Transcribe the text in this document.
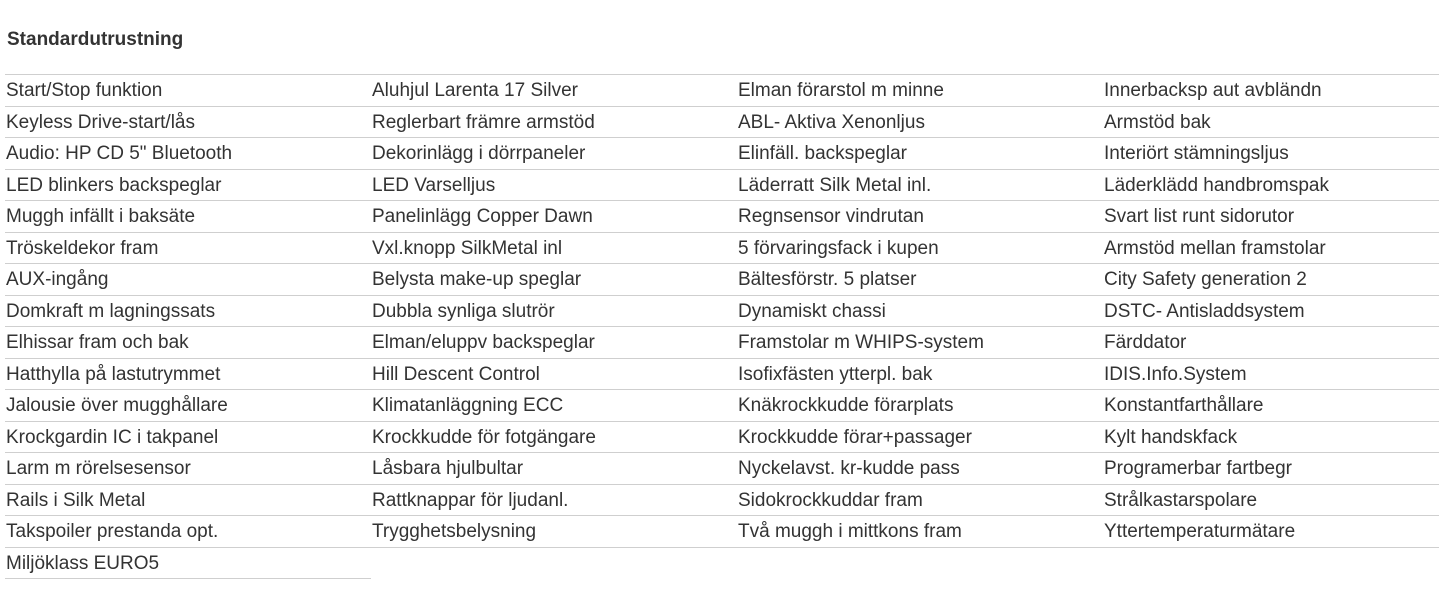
Standardutrustning
Start/Stop funktion	Aluhjul Larenta 17 Silver	Elman förarstol m minne	Innerbacksp aut avbländn
Keyless Drive-start/lås	Reglerbart främre armstöd	ABL- Aktiva Xenonljus	Armstöd bak
Audio: HP CD 5" Bluetooth	Dekorinlägg i dörrpaneler	Elinfäll. backspeglar	Interiört stämningsljus
LED blinkers backspeglar	LED Varselljus	Läderratt Silk Metal inl.	Läderklädd handbromspak
Muggh infällt i baksäte	Panelinlägg Copper Dawn	Regnsensor vindrutan	Svart list runt sidorutor
Tröskeldekor fram	Vxl.knopp SilkMetal inl	5 förvaringsfack i kupen	Armstöd mellan framstolar
AUX-ingång	Belysta make-up speglar	Bältesförstr. 5 platser	City Safety generation 2
Domkraft m lagningssats	Dubbla synliga slutrör	Dynamiskt chassi	DSTC- Antisladdsystem
Elhissar fram och bak	Elman/eluppv backspeglar	Framstolar m WHIPS-system	Färddator
Hatthylla på lastutrymmet	Hill Descent Control	Isofixfästen ytterpl. bak	IDIS.Info.System
Jalousie över mugghållare	Klimatanläggning ECC	Knäkrockkudde förarplats	Konstantfarthållare
Krockgardin IC i takpanel	Krockkudde för fotgängare	Krockkudde förar+passager	Kylt handskfack
Larm m rörelsesensor	Låsbara hjulbultar	Nyckelavst. kr-kudde pass	Programerbar fartbegr
Rails i Silk Metal	Rattknappar för ljudanl.	Sidokrockkuddar fram	Strålkastarspolare
Takspoiler prestanda opt.	Trygghetsbelysning	Två muggh i mittkons fram	Yttertemperaturmätare
Miljöklass EURO5
